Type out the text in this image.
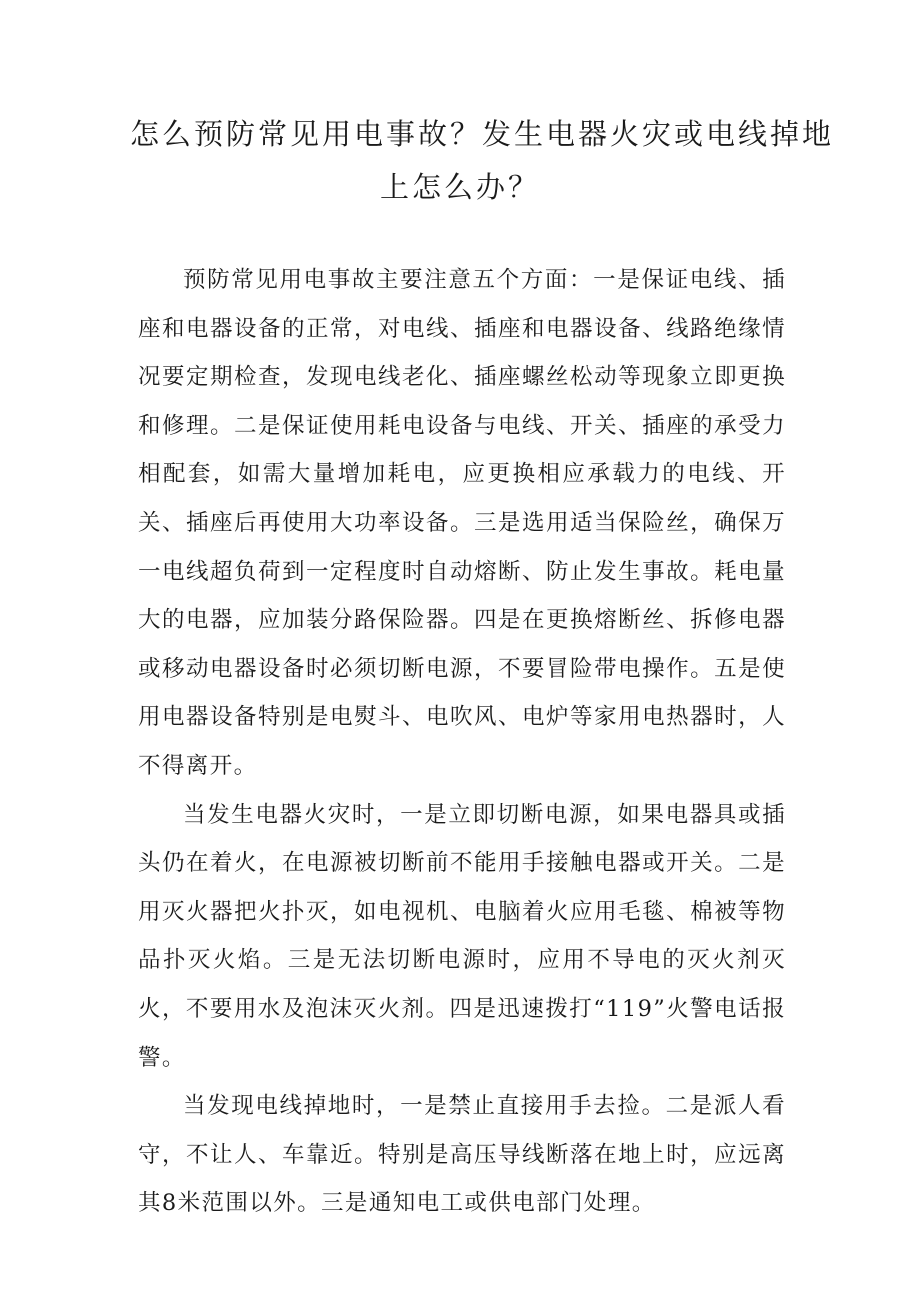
怎么预防常见用电事故？发生电器火灾或电线掉地
上怎么办？

预防常见用电事故主要注意五个方面：一是保证电线、插座和电器设备的正常，对电线、插座和电器设备、线路绝缘情况要定期检查，发现电线老化、插座螺丝松动等现象立即更换和修理。二是保证使用耗电设备与电线、开关、插座的承受力相配套，如需大量增加耗电，应更换相应承载力的电线、开关、插座后再使用大功率设备。三是选用适当保险丝，确保万一电线超负荷到一定程度时自动熔断、防止发生事故。耗电量大的电器，应加装分路保险器。四是在更换熔断丝、拆修电器或移动电器设备时必须切断电源，不要冒险带电操作。五是使用电器设备特别是电熨斗、电吹风、电炉等家用电热器时，人不得离开。

当发生电器火灾时，一是立即切断电源，如果电器具或插头仍在着火，在电源被切断前不能用手接触电器或开关。二是用灭火器把火扑灭，如电视机、电脑着火应用毛毯、棉被等物品扑灭火焰。三是无法切断电源时，应用不导电的灭火剂灭火，不要用水及泡沫灭火剂。四是迅速拨打“119”火警电话报警。

当发现电线掉地时，一是禁止直接用手去捡。二是派人看守，不让人、车靠近。特别是高压导线断落在地上时，应远离其8米范围以外。三是通知电工或供电部门处理。
